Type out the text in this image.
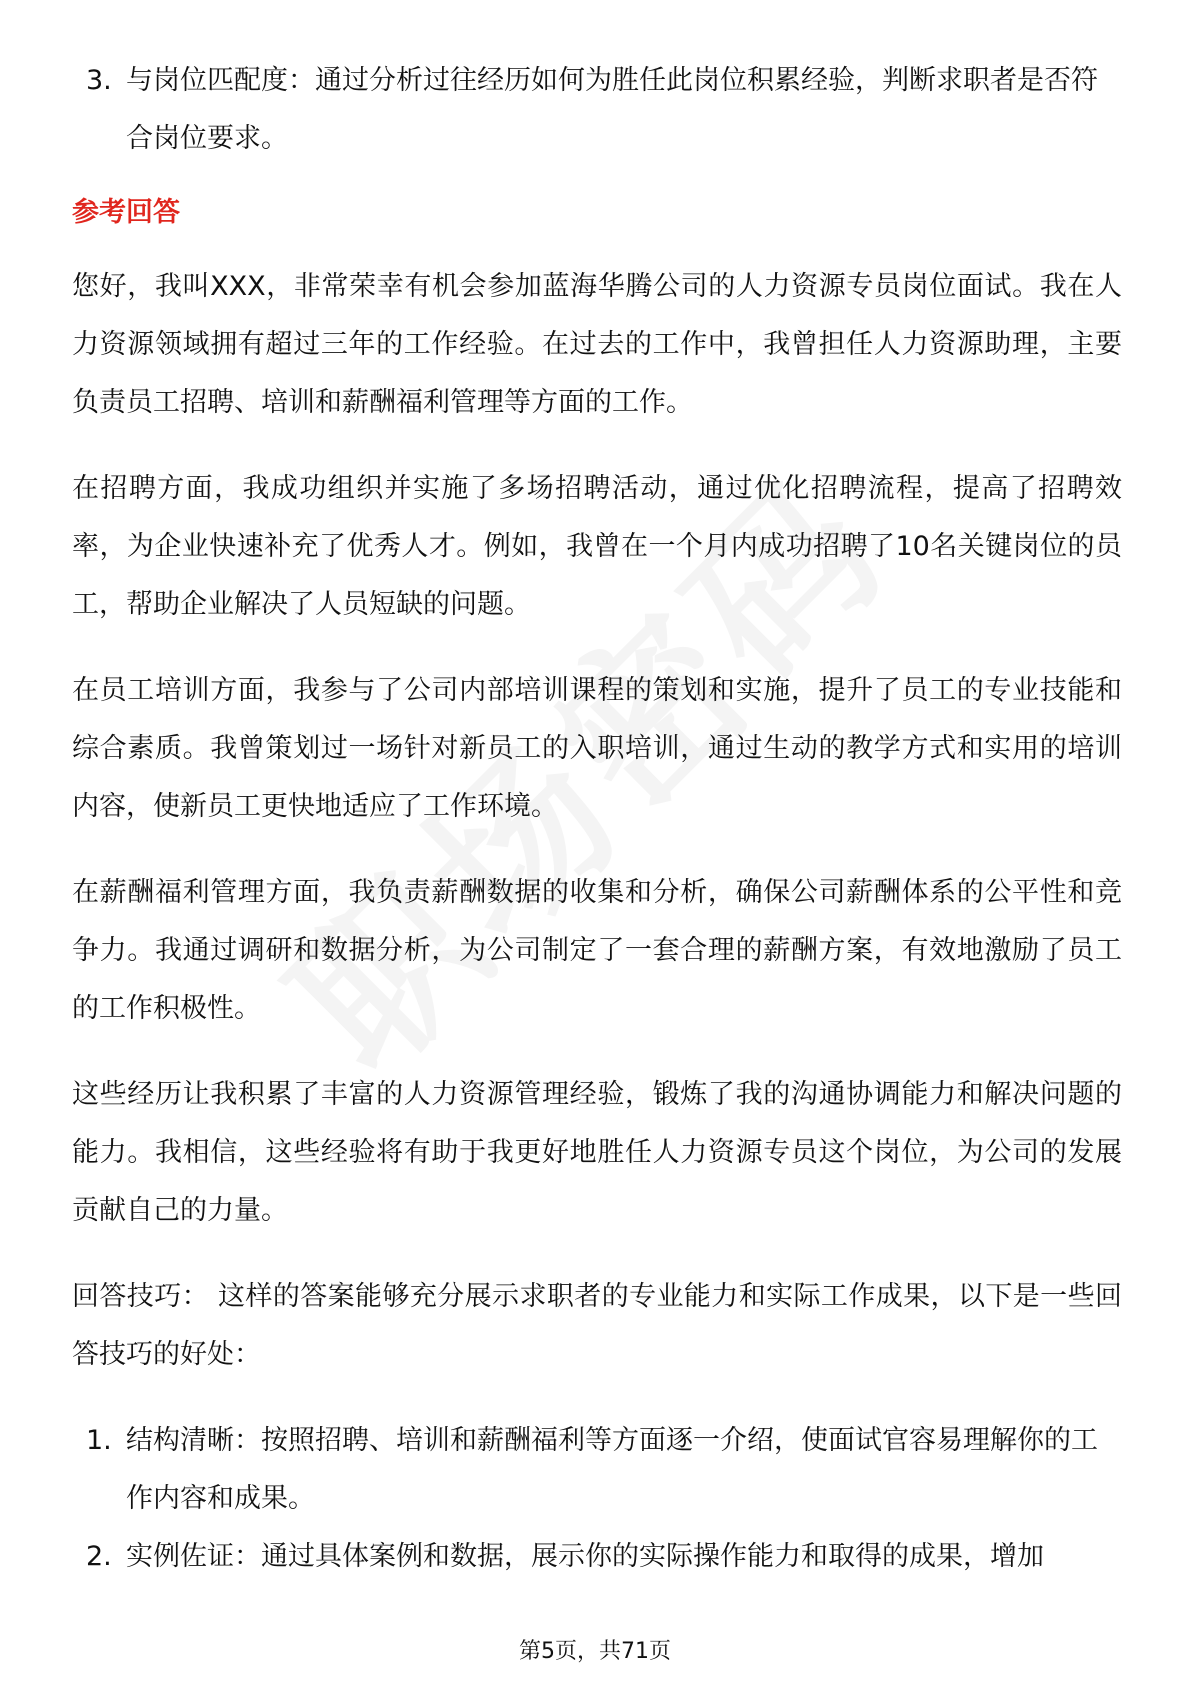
3. 与岗位匹配度：通过分析过往经历如何为胜任此岗位积累经验，判断求职者是否符合岗位要求。
参考回答

您好，我叫XXX，非常荣幸有机会参加蓝海华腾公司的人力资源专员岗位面试。我在人力资源领域拥有超过三年的工作经验。在过去的工作中，我曾担任人力资源助理，主要负责员工招聘、培训和薪酬福利管理等方面的工作。

在招聘方面，我成功组织并实施了多场招聘活动，通过优化招聘流程，提高了招聘效率，为企业快速补充了优秀人才。例如，我曾在一个月内成功招聘了10名关键岗位的员工，帮助企业解决了人员短缺的问题。

在员工培训方面，我参与了公司内部培训课程的策划和实施，提升了员工的专业技能和综合素质。我曾策划过一场针对新员工的入职培训，通过生动的教学方式和实用的培训内容，使新员工更快地适应了工作环境。

在薪酬福利管理方面，我负责薪酬数据的收集和分析，确保公司薪酬体系的公平性和竞争力。我通过调研和数据分析，为公司制定了一套合理的薪酬方案，有效地激励了员工的工作积极性。

这些经历让我积累了丰富的人力资源管理经验，锻炼了我的沟通协调能力和解决问题的能力。我相信，这些经验将有助于我更好地胜任人力资源专员这个岗位，为公司的发展贡献自己的力量。

回答技巧： 这样的答案能够充分展示求职者的专业能力和实际工作成果，以下是一些回答技巧的好处：

1. 结构清晰：按照招聘、培训和薪酬福利等方面逐一介绍，使面试官容易理解你的工作内容和成果。
2. 实例佐证：通过具体案例和数据，展示你的实际操作能力和取得的成果，增加
第5页，共71页
